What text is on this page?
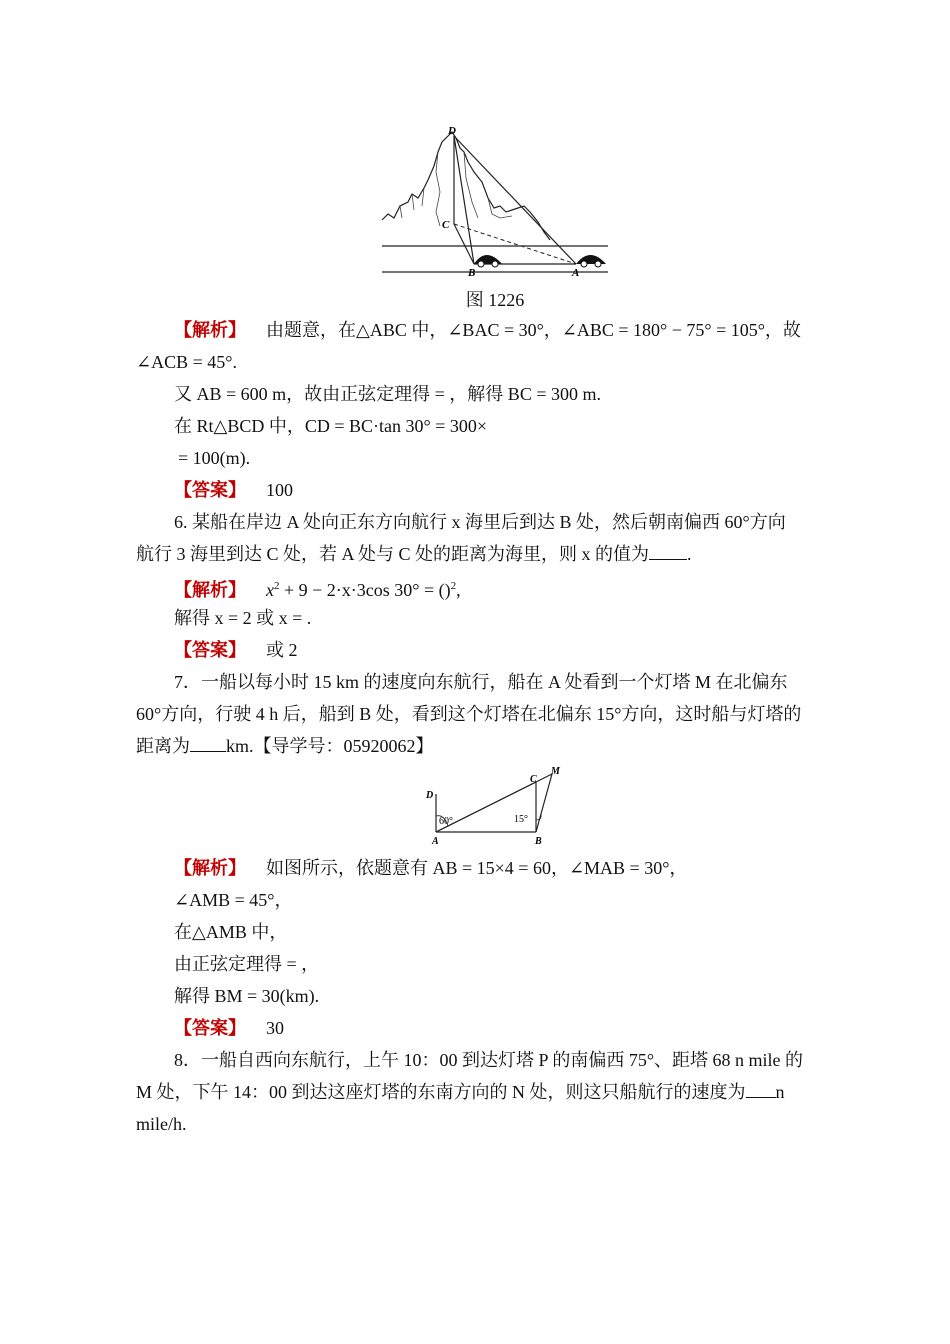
D
C
B	A
图 1226
【解析】 由题意，在△ABC 中，∠BAC = 30°，∠ABC = 180° − 75° = 105°，故
∠ACB = 45°.
又 AB = 600 m，故由正弦定理得 = ，解得 BC = 300 m.
在 Rt△BCD 中，CD = BC·tan 30° = 300×
= 100(m).
【答案】 100
6. 某船在岸边 A 处向正东方向航行 x 海里后到达 B 处，然后朝南偏西 60°方向
航行 3 海里到达 C 处，若 A 处与 C 处的距离为海里，则 x 的值为 .
【解析】 $x^2 + 9 - 2\cdot x\cdot 3\cos$ 30° = ()$^2$,
解得 x = 2 或 x = .
【答案】 或 2
7．一船以每小时 15 km 的速度向东航行，船在 A 处看到一个灯塔 M 在北偏东
60°方向，行驶 4 h 后，船到 B 处，看到这个灯塔在北偏东 15°方向，这时船与灯塔的
距离为 km.【导学号：05920062】
D
C
M
A	B
60°	15°
【解析】 如图所示，依题意有 AB = 15×4 = 60，∠MAB = 30°，
∠AMB = 45°，
在△AMB 中，
由正弦定理得 = ，
解得 BM = 30(km).
【答案】 30
8．一船自西向东航行，上午 10：00 到达灯塔 P 的南偏西 75°、距塔 68 n mile 的
M 处，下午 14：00 到达这座灯塔的东南方向的 N 处，则这只船航行的速度为 n
mile/h.
